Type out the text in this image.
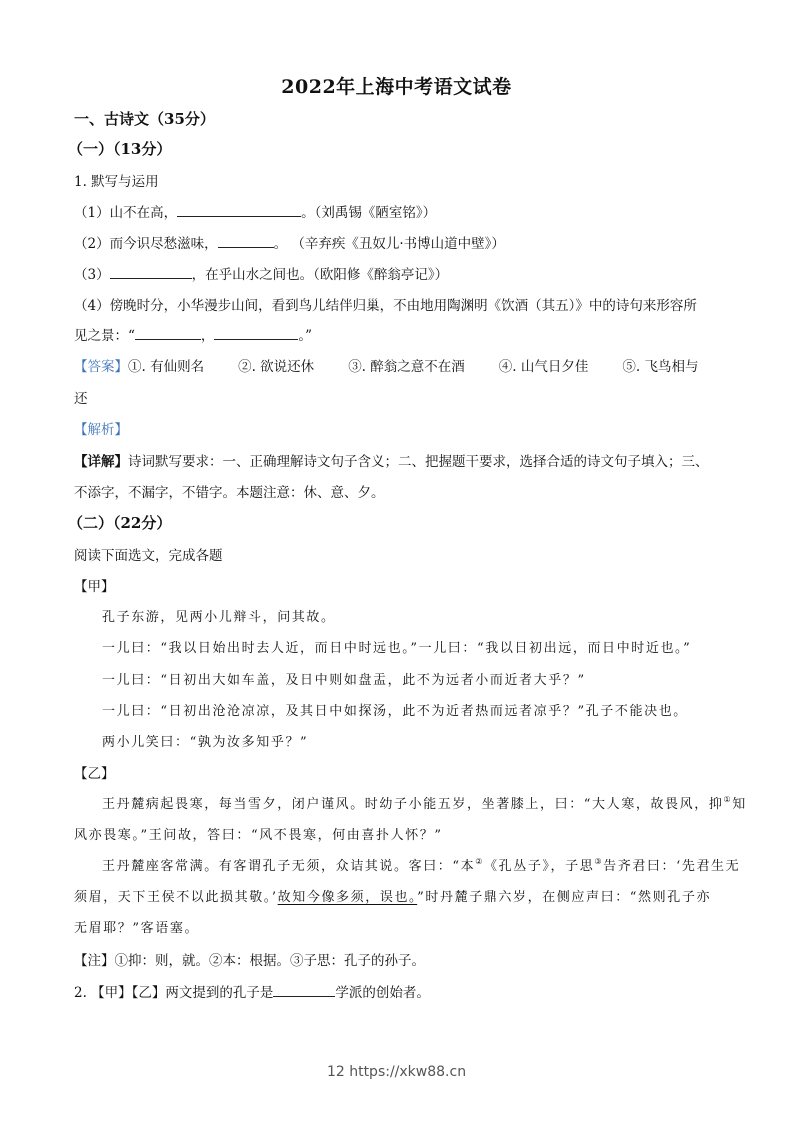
2022年上海中考语文试卷
一、古诗文（35分）
（一）（13分）
1. 默写与运用
（1）山不在高，	。（刘禹锡《陋室铭》）
（2）而今识尽愁滋味，	。 （辛弃疾《丑奴儿·书博山道中壁》）
（3）	，在乎山水之间也。（欧阳修《醉翁亭记》）
（4）傍晚时分，小华漫步山间，看到鸟儿结伴归巢，不由地用陶渊明《饮酒（其五）》中的诗句来形容所
见之景：“	，	。”
【答案】①. 有仙则名	②. 欲说还休	③. 醉翁之意不在酒	④. 山气日夕佳	⑤. 飞鸟相与
还
【解析】
【详解】诗词默写要求：一、正确理解诗文句子含义；二、把握题干要求，选择合适的诗文句子填入；三、
不添字，不漏字，不错字。本题注意：休、意、夕。
（二）（22分）
阅读下面选文，完成各题
【甲】
孔子东游，见两小儿辩斗，问其故。
一儿曰：“我以日始出时去人近，而日中时远也。”一儿曰：“我以日初出远，而日中时近也。”
一儿曰：“日初出大如车盖，及日中则如盘盂，此不为远者小而近者大乎？”
一儿曰：“日初出沧沧凉凉，及其日中如探汤，此不为近者热而远者凉乎？”孔子不能决也。
两小儿笑曰：“孰为汝多知乎？”
【乙】
王丹麓病起畏寒，每当雪夕，闭户谨风。时幼子小能五岁，坐著膝上，曰：“大人寒，故畏风，抑①知
风亦畏寒。”王问故，答曰：“风不畏寒，何由喜扑人怀？”
王丹麓座客常满。有客谓孔子无须，众诘其说。客曰：“本②《孔丛子》，子思③告齐君曰：‘先君生无
须眉，天下王侯不以此损其敬。’故知今像多须，误也。”时丹麓子鼎六岁，在侧应声曰：“然则孔子亦
无眉耶？”客语塞。
【注】①抑：则，就。②本：根据。③子思：孔子的孙子。
2. 【甲】【乙】两文提到的孔子是	学派的创始者。
12 https://xkw88.cn
